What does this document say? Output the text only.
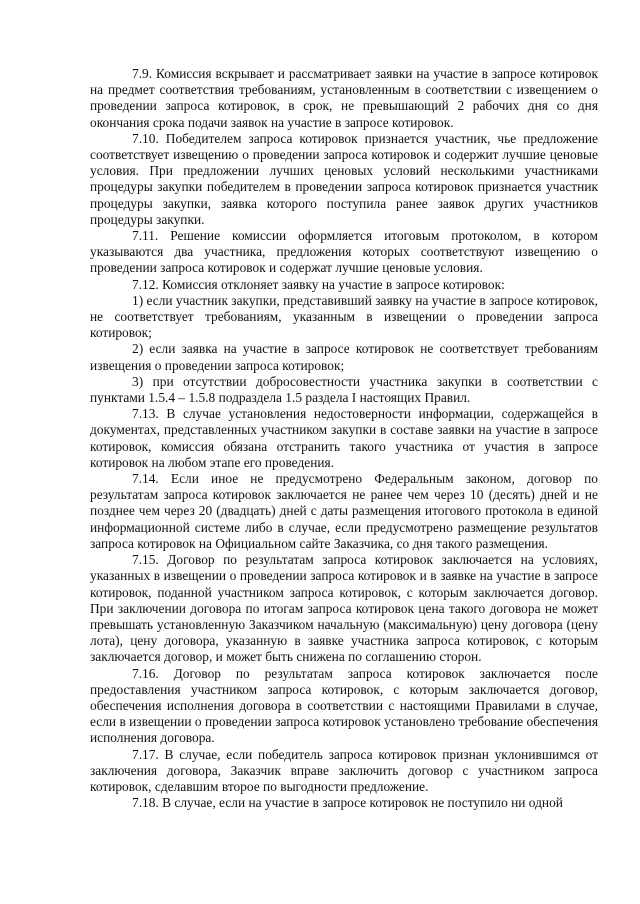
7.9. Комиссия вскрывает и рассматривает заявки на участие в запросе котировок на предмет соответствия требованиям, установленным в соответствии с извещением о проведении запроса котировок, в срок, не превышающий 2 рабочих дня со дня окончания срока подачи заявок на участие в запросе котировок.

7.10. Победителем запроса котировок признается участник, чье предложение соответствует извещению о проведении запроса котировок и содержит лучшие ценовые условия. При предложении лучших ценовых условий несколькими участниками процедуры закупки победителем в проведении запроса котировок признается участник процедуры закупки, заявка которого поступила ранее заявок других участников процедуры закупки.

7.11. Решение комиссии оформляется итоговым протоколом, в котором указываются два участника, предложения которых соответствуют извещению о проведении запроса котировок и содержат лучшие ценовые условия.

7.12. Комиссия отклоняет заявку на участие в запросе котировок:

1) если участник закупки, представивший заявку на участие в запросе котировок, не соответствует требованиям, указанным в извещении о проведении запроса котировок;

2) если заявка на участие в запросе котировок не соответствует требованиям извещения о проведении запроса котировок;

3) при отсутствии добросовестности участника закупки в соответствии с пунктами 1.5.4 – 1.5.8 подраздела 1.5 раздела I настоящих Правил.

7.13. В случае установления недостоверности информации, содержащейся в документах, представленных участником закупки в составе заявки на участие в запросе котировок, комиссия обязана отстранить такого участника от участия в запросе котировок на любом этапе его проведения.

7.14. Если иное не предусмотрено Федеральным законом, договор по результатам запроса котировок заключается не ранее чем через 10 (десять) дней и не позднее чем через 20 (двадцать) дней с даты размещения итогового протокола в единой информационной системе либо в случае, если предусмотрено размещение результатов запроса котировок на Официальном сайте Заказчика, со дня такого размещения.

7.15. Договор по результатам запроса котировок заключается на условиях, указанных в извещении о проведении запроса котировок и в заявке на участие в запросе котировок, поданной участником запроса котировок, с которым заключается договор. При заключении договора по итогам запроса котировок цена такого договора не может превышать установленную Заказчиком начальную (максимальную) цену договора (цену лота), цену договора, указанную в заявке участника запроса котировок, с которым заключается договор, и может быть снижена по соглашению сторон.

7.16. Договор по результатам запроса котировок заключается после предоставления участником запроса котировок, с которым заключается договор, обеспечения исполнения договора в соответствии с настоящими Правилами в случае, если в извещении о проведении запроса котировок установлено требование обеспечения исполнения договора.

7.17. В случае, если победитель запроса котировок признан уклонившимся от заключения договора, Заказчик вправе заключить договор с участником запроса котировок, сделавшим второе по выгодности предложение.

7.18. В случае, если на участие в запросе котировок не поступило ни одной
